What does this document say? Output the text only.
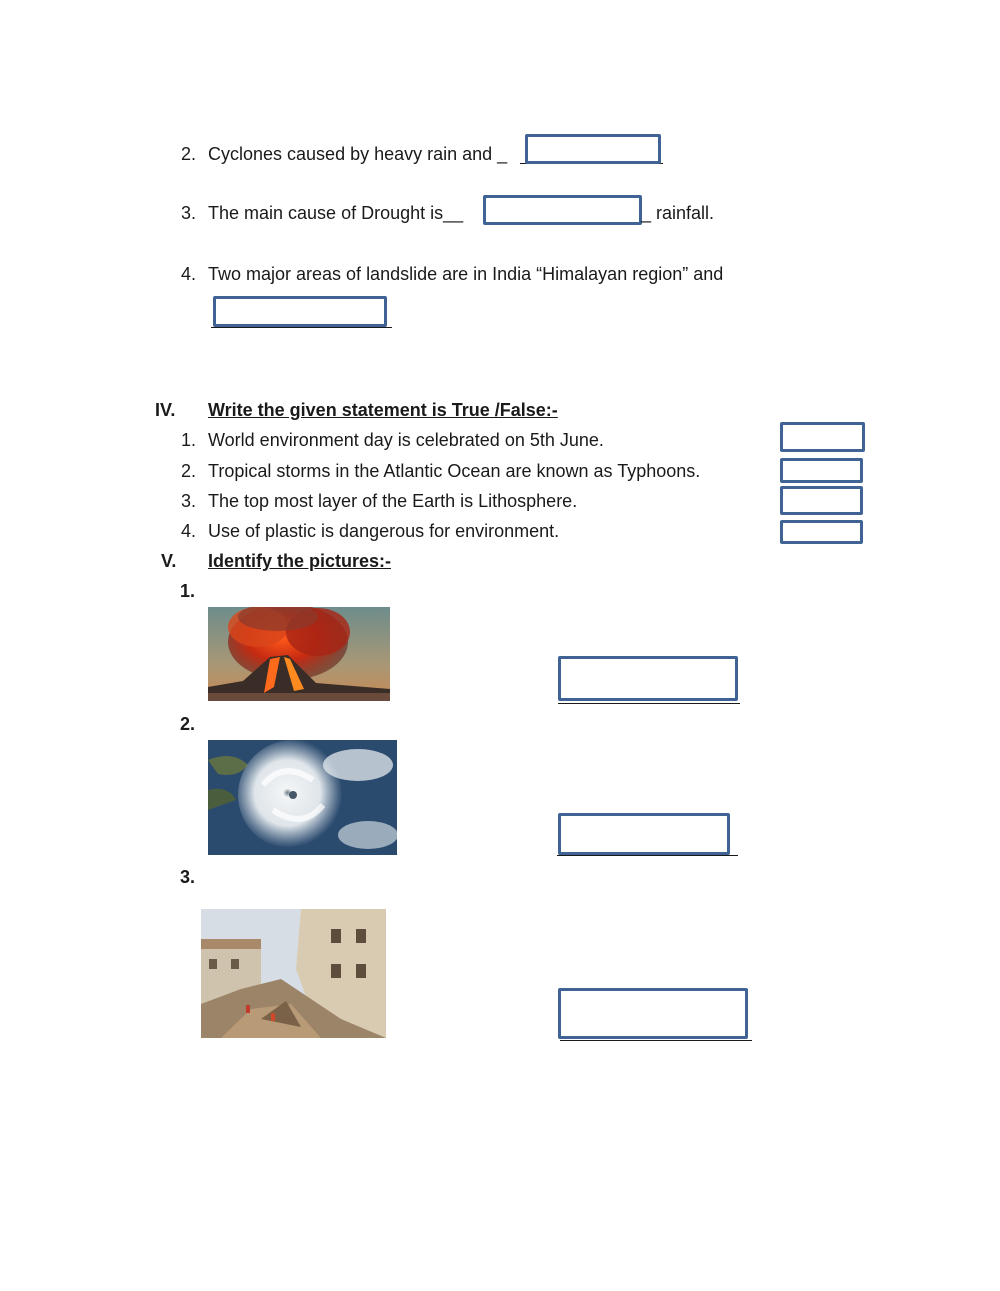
2. Cyclones caused by heavy rain and _
3. The main cause of Drought is__	_ rainfall.
4. Two major areas of landslide are in India “Himalayan region” and
IV. Write the given statement is True /False:-
1. World environment day is celebrated on 5th June.
2. Tropical storms in the Atlantic Ocean are known as Typhoons.
3. The top most layer of the Earth is Lithosphere.
4. Use of plastic is dangerous for environment.
V. Identify the pictures:-
1.
2.
3.
